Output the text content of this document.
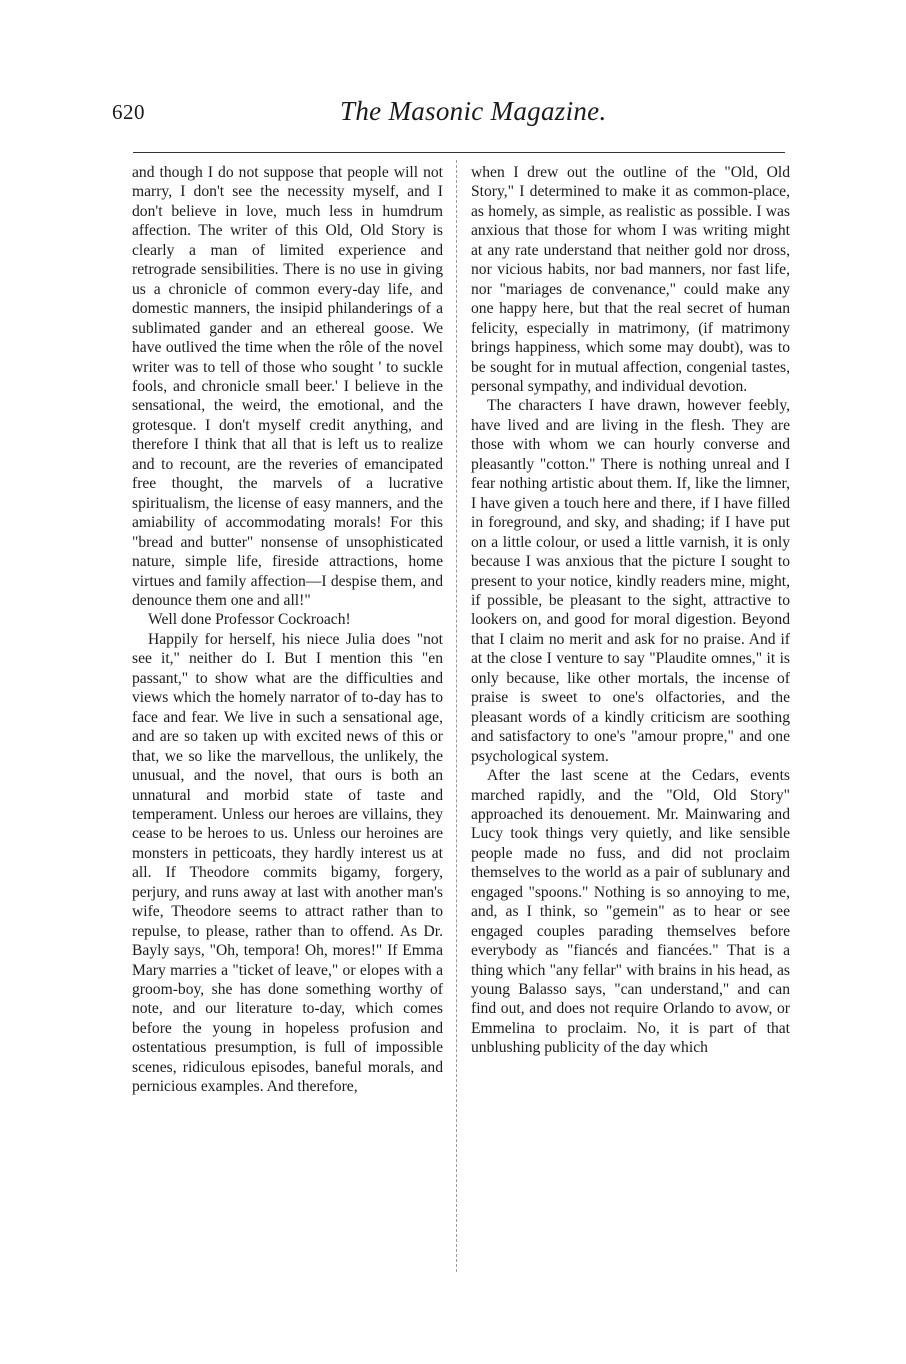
620	The Masonic Magazine.

and though I do not suppose that people will not marry, I don't see the necessity myself, and I don't believe in love, much less in humdrum affection. The writer of this Old, Old Story is clearly a man of limited experience and retrograde sensibilities. There is no use in giving us a chronicle of common every-day life, and domestic manners, the insipid philanderings of a sublimated gander and an ethereal goose. We have outlived the time when the rôle of the novel writer was to tell of those who sought ' to suckle fools, and chronicle small beer.' I believe in the sensational, the weird, the emotional, and the grotesque. I don't myself credit anything, and therefore I think that all that is left us to realize and to recount, are the reveries of emancipated free thought, the marvels of a lucrative spiritualism, the license of easy manners, and the amiability of accommodating morals! For this "bread and butter" nonsense of unsophisticated nature, simple life, fireside attractions, home virtues and family affection—I despise them, and denounce them one and all!"

Well done Professor Cockroach!

Happily for herself, his niece Julia does "not see it," neither do I. But I mention this "en passant," to show what are the difficulties and views which the homely narrator of to-day has to face and fear. We live in such a sensational age, and are so taken up with excited news of this or that, we so like the marvellous, the unlikely, the unusual, and the novel, that ours is both an unnatural and morbid state of taste and temperament. Unless our heroes are villains, they cease to be heroes to us. Unless our heroines are monsters in petticoats, they hardly interest us at all. If Theodore commits bigamy, forgery, perjury, and runs away at last with another man's wife, Theodore seems to attract rather than to repulse, to please, rather than to offend. As Dr. Bayly says, "Oh, tempora! Oh, mores!" If Emma Mary marries a "ticket of leave," or elopes with a groom-boy, she has done something worthy of note, and our literature to-day, which comes before the young in hopeless profusion and ostentatious presumption, is full of impossible scenes, ridiculous episodes, baneful morals, and pernicious examples. And therefore,

when I drew out the outline of the "Old, Old Story," I determined to make it as common-place, as homely, as simple, as realistic as possible. I was anxious that those for whom I was writing might at any rate understand that neither gold nor dross, nor vicious habits, nor bad manners, nor fast life, nor "mariages de convenance," could make any one happy here, but that the real secret of human felicity, especially in matrimony, (if matrimony brings happiness, which some may doubt), was to be sought for in mutual affection, congenial tastes, personal sympathy, and individual devotion.

The characters I have drawn, however feebly, have lived and are living in the flesh. They are those with whom we can hourly converse and pleasantly "cotton." There is nothing unreal and I fear nothing artistic about them. If, like the limner, I have given a touch here and there, if I have filled in foreground, and sky, and shading; if I have put on a little colour, or used a little varnish, it is only because I was anxious that the picture I sought to present to your notice, kindly readers mine, might, if possible, be pleasant to the sight, attractive to lookers on, and good for moral digestion. Beyond that I claim no merit and ask for no praise. And if at the close I venture to say "Plaudite omnes," it is only because, like other mortals, the incense of praise is sweet to one's olfactories, and the pleasant words of a kindly criticism are soothing and satisfactory to one's "amour propre," and one psychological system.

After the last scene at the Cedars, events marched rapidly, and the "Old, Old Story" approached its denouement. Mr. Mainwaring and Lucy took things very quietly, and like sensible people made no fuss, and did not proclaim themselves to the world as a pair of sublunary and engaged "spoons." Nothing is so annoying to me, and, as I think, so "gemein" as to hear or see engaged couples parading themselves before everybody as "fiancés and fiancées." That is a thing which "any fellar" with brains in his head, as young Balasso says, "can understand," and can find out, and does not require Orlando to avow, or Emmelina to proclaim. No, it is part of that unblushing publicity of the day which
